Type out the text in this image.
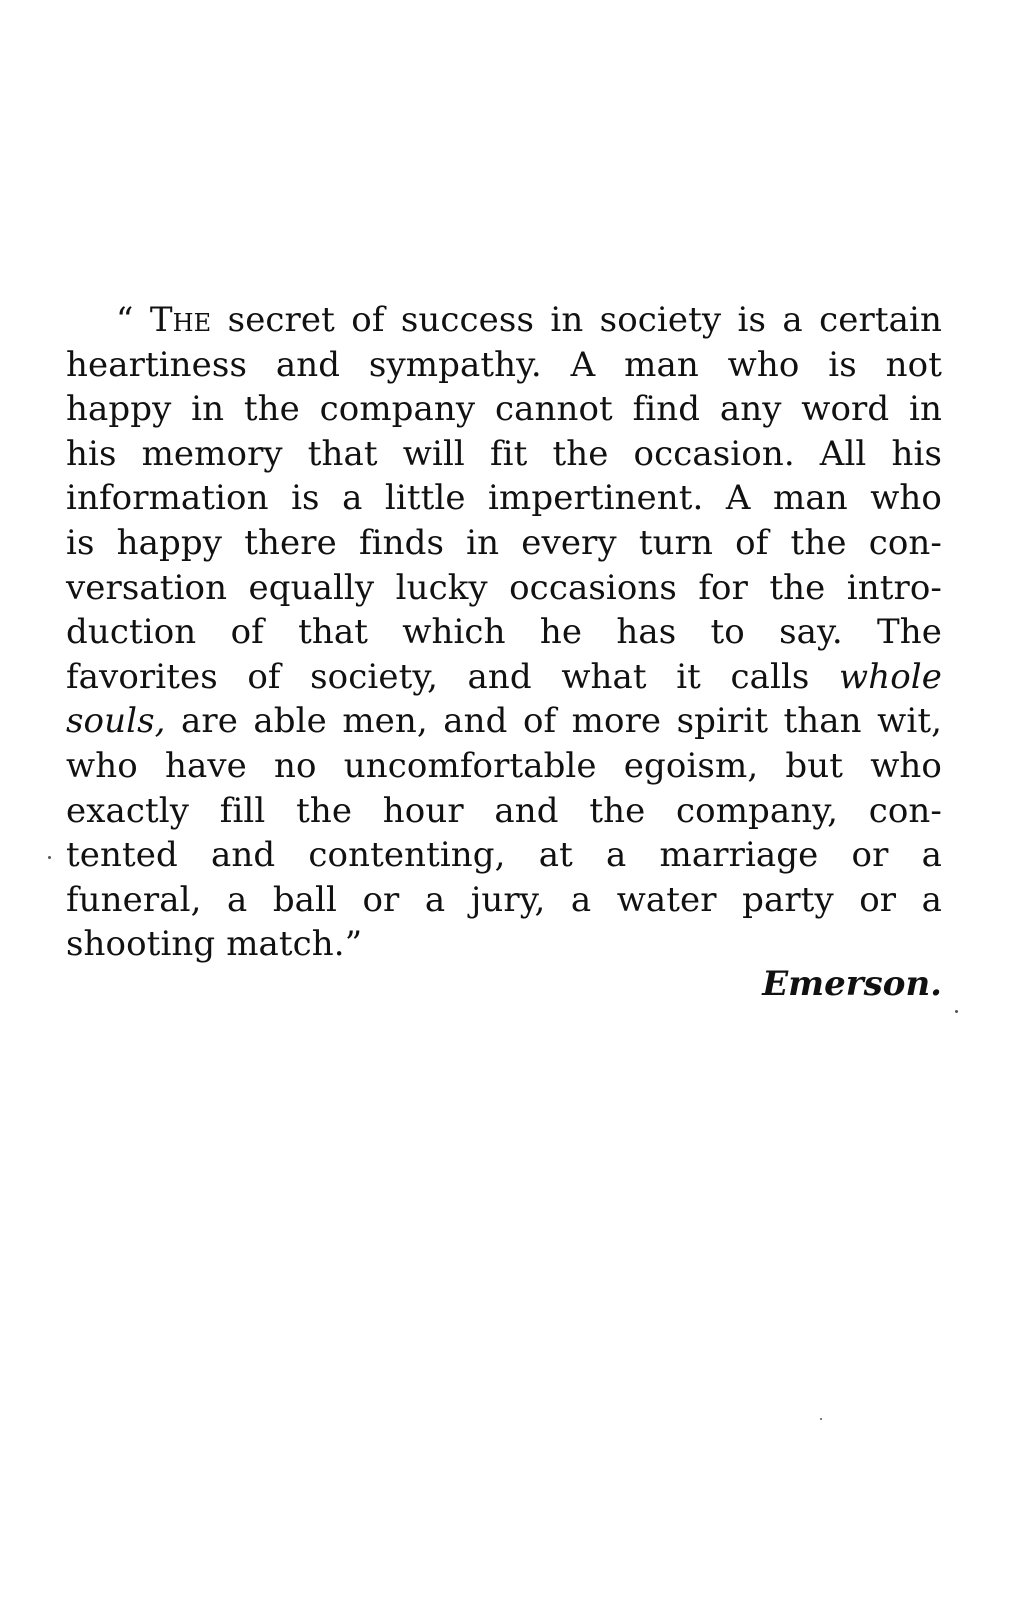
“ The secret of success in society is a certain
heartiness and sympathy. A man who is not
happy in the company cannot find any word in
his memory that will fit the occasion. All his
information is a little impertinent. A man who
is happy there finds in every turn of the con-
versation equally lucky occasions for the intro-
duction of that which he has to say. The
favorites of society, and what it calls whole
souls, are able men, and of more spirit than wit,
who have no uncomfortable egoism, but who
exactly fill the hour and the company, con-
tented and contenting, at a marriage or a
funeral, a ball or a jury, a water party or a
shooting match.”
Emerson.
